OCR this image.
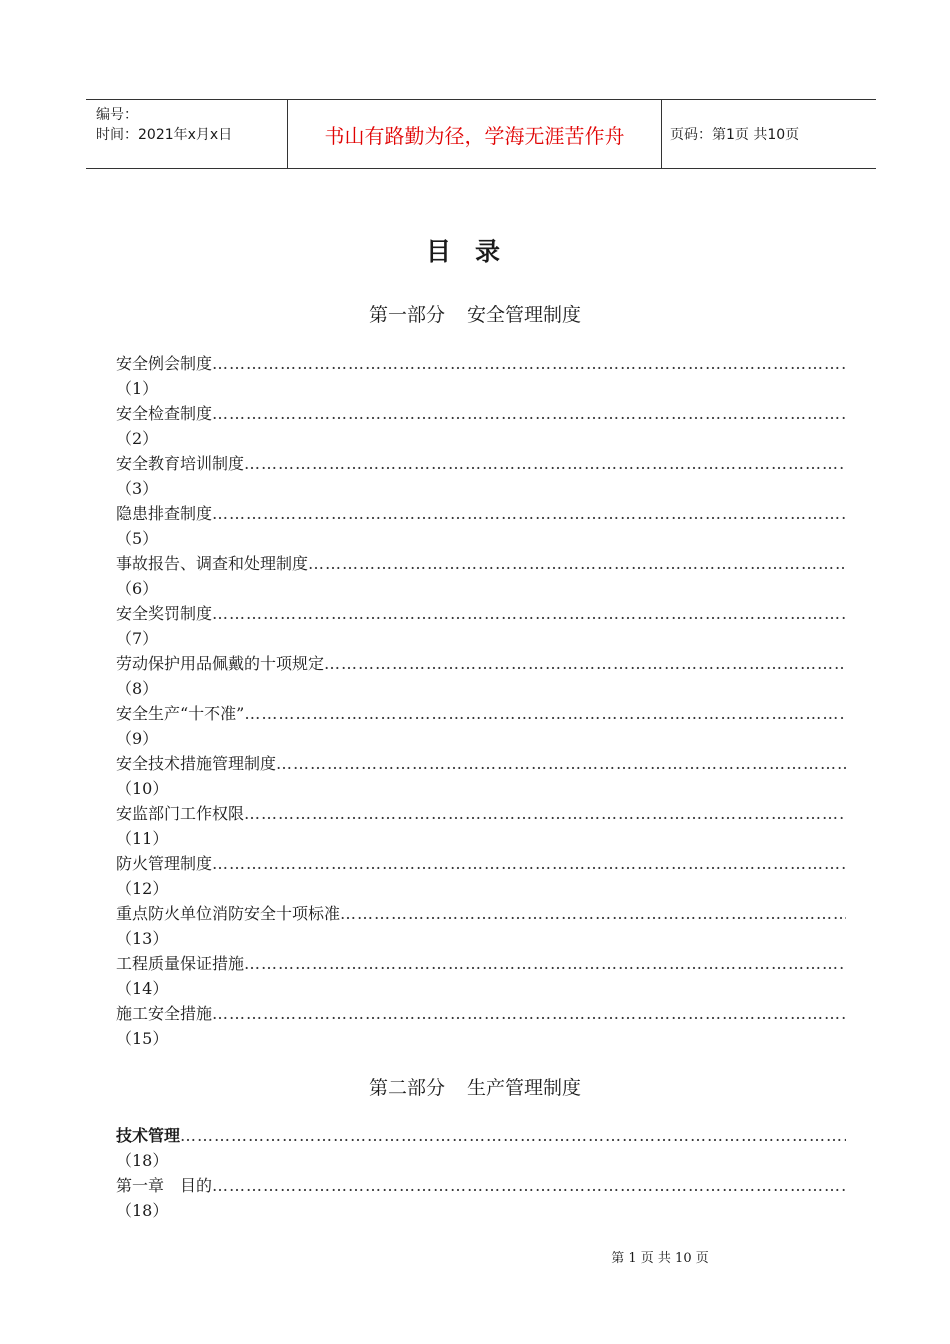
编号：
时间：2021年x月x日	书山有路勤为径，学海无涯苦作舟	页码：第1页 共10页
目录
第一部分 安全管理制度
安全例会制度
………………………………………………………………………………………………………………………………………………………………………………………………………
（1）
安全检查制度
………………………………………………………………………………………………………………………………………………………………………………………………………
（2）
安全教育培训制度
………………………………………………………………………………………………………………………………………………………………………………………………………
（3）
隐患排查制度
………………………………………………………………………………………………………………………………………………………………………………………………………
（5）
事故报告、调查和处理制度
………………………………………………………………………………………………………………………………………………………………………………………………………
（6）
安全奖罚制度
………………………………………………………………………………………………………………………………………………………………………………………………………
（7）
劳动保护用品佩戴的十项规定
………………………………………………………………………………………………………………………………………………………………………………………………………
（8）
安全生产“十不准”
………………………………………………………………………………………………………………………………………………………………………………………………………
（9）
安全技术措施管理制度
………………………………………………………………………………………………………………………………………………………………………………………………………
（10）
安监部门工作权限
………………………………………………………………………………………………………………………………………………………………………………………………………
（11）
防火管理制度
………………………………………………………………………………………………………………………………………………………………………………………………………
（12）
重点防火单位消防安全十项标准
………………………………………………………………………………………………………………………………………………………………………………………………………
（13）
工程质量保证措施
………………………………………………………………………………………………………………………………………………………………………………………………………
（14）
施工安全措施
………………………………………………………………………………………………………………………………………………………………………………………………………
（15）
第二部分 生产管理制度
技术管理
………………………………………………………………………………………………………………………………………………………………………………………………………
（18）
第一章　目的
………………………………………………………………………………………………………………………………………………………………………………………………………
（18）
第 1 页 共 10 页
